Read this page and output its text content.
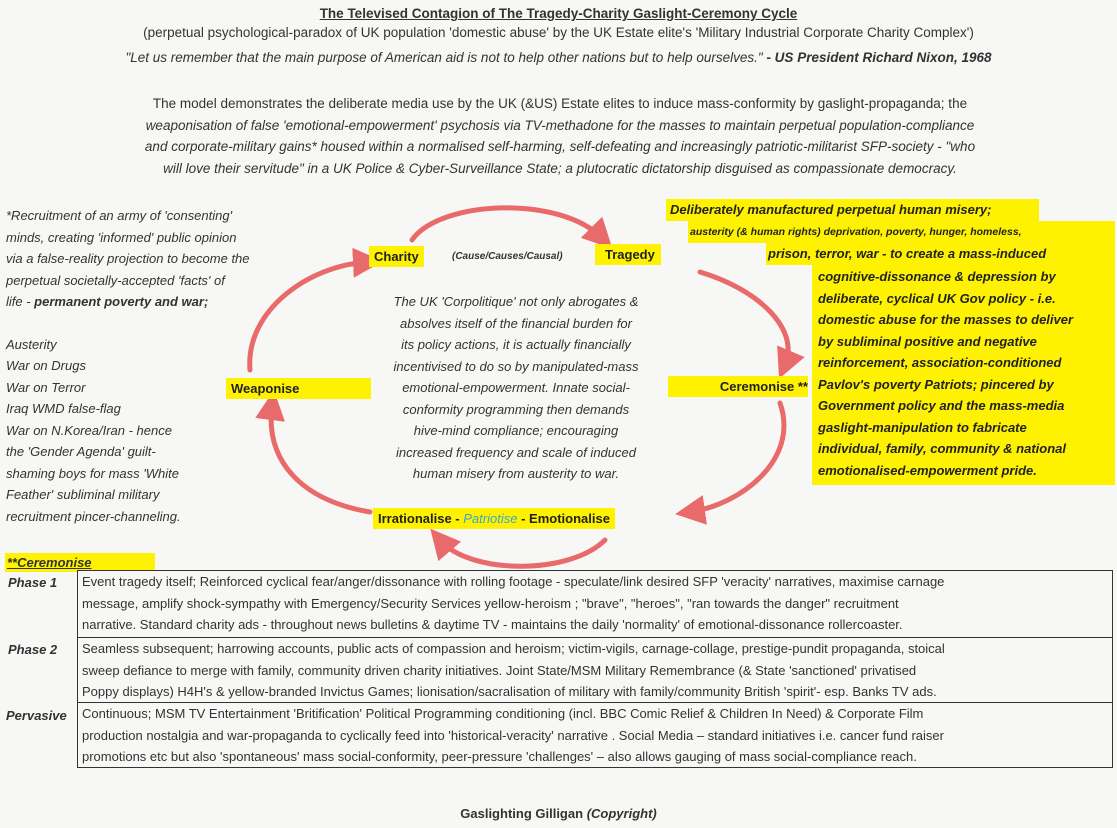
The Televised Contagion of The Tragedy-Charity Gaslight-Ceremony Cycle
(perpetual psychological-paradox of UK population 'domestic abuse' by the UK Estate elite's 'Military Industrial Corporate Charity Complex')
"Let us remember that the main purpose of American aid is not to help other nations but to help ourselves." - US President Richard Nixon, 1968
The model demonstrates the deliberate media use by the UK (&US) Estate elites to induce mass-conformity by gaslight-propaganda; the
weaponisation of false 'emotional-empowerment' psychosis via TV-methadone for the masses to maintain perpetual population-compliance
and corporate-military gains* housed within a normalised self-harming, self-defeating and increasingly patriotic-militarist SFP-society - "who
will love their servitude" in a UK Police & Cyber-Surveillance State; a plutocratic dictatorship disguised as compassionate democracy.
*Recruitment of an army of 'consenting'
minds, creating 'informed' public opinion
via a false-reality projection to become the
perpetual societally-accepted 'facts' of
life - permanent poverty and war;
Austerity
War on Drugs
War on Terror
Iraq WMD false-flag
War on N.Korea/Iran - hence
the 'Gender Agenda' guilt-
shaming boys for mass 'White
Feather' subliminal military
recruitment pincer-channeling.
Charity	(Cause/Causes/Causal)	Tragedy
Weaponise	Ceremonise **
Irrationalise - Patriotise - Emotionalise
The UK 'Corpolitique' not only abrogates &
absolves itself of the financial burden for
its policy actions, it is actually financially
incentivised to do so by manipulated-mass
emotional-empowerment. Innate social-
conformity programming then demands
hive-mind compliance; encouraging
increased frequency and scale of induced
human misery from austerity to war.
Deliberately manufactured perpetual human misery;
austerity (& human rights) deprivation, poverty, hunger, homeless,
prison, terror, war - to create a mass-induced
cognitive-dissonance & depression by
deliberate, cyclical UK Gov policy - i.e.
domestic abuse for the masses to deliver
by subliminal positive and negative
reinforcement, association-conditioned
Pavlov's poverty Patriots; pincered by
Government policy and the mass-media
gaslight-manipulation to fabricate
individual, family, community & national
emotionalised-empowerment pride.
**Ceremonise
Phase 1 Event tragedy itself; Reinforced cyclical fear/anger/dissonance with rolling footage - speculate/link desired SFP 'veracity' narratives, maximise carnage
message, amplify shock-sympathy with Emergency/Security Services yellow-heroism ; "brave", "heroes", "ran towards the danger" recruitment
narrative. Standard charity ads - throughout news bulletins & daytime TV - maintains the daily 'normality' of emotional-dissonance rollercoaster.
Phase 2 Seamless subsequent; harrowing accounts, public acts of compassion and heroism; victim-vigils, carnage-collage, prestige-pundit propaganda, stoical
sweep defiance to merge with family, community driven charity initiatives. Joint State/MSM Military Remembrance (& State 'sanctioned' privatised
Poppy displays) H4H's & yellow-branded Invictus Games; lionisation/sacralisation of military with family/community British 'spirit'- esp. Banks TV ads.
Pervasive Continuous; MSM TV Entertainment 'Britification' Political Programming conditioning (incl. BBC Comic Relief & Children In Need) & Corporate Film
production nostalgia and war-propaganda to cyclically feed into 'historical-veracity' narrative . Social Media – standard initiatives i.e. cancer fund raiser
promotions etc but also 'spontaneous' mass social-conformity, peer-pressure 'challenges' – also allows gauging of mass social-compliance reach.
Gaslighting Gilligan (Copyright)
